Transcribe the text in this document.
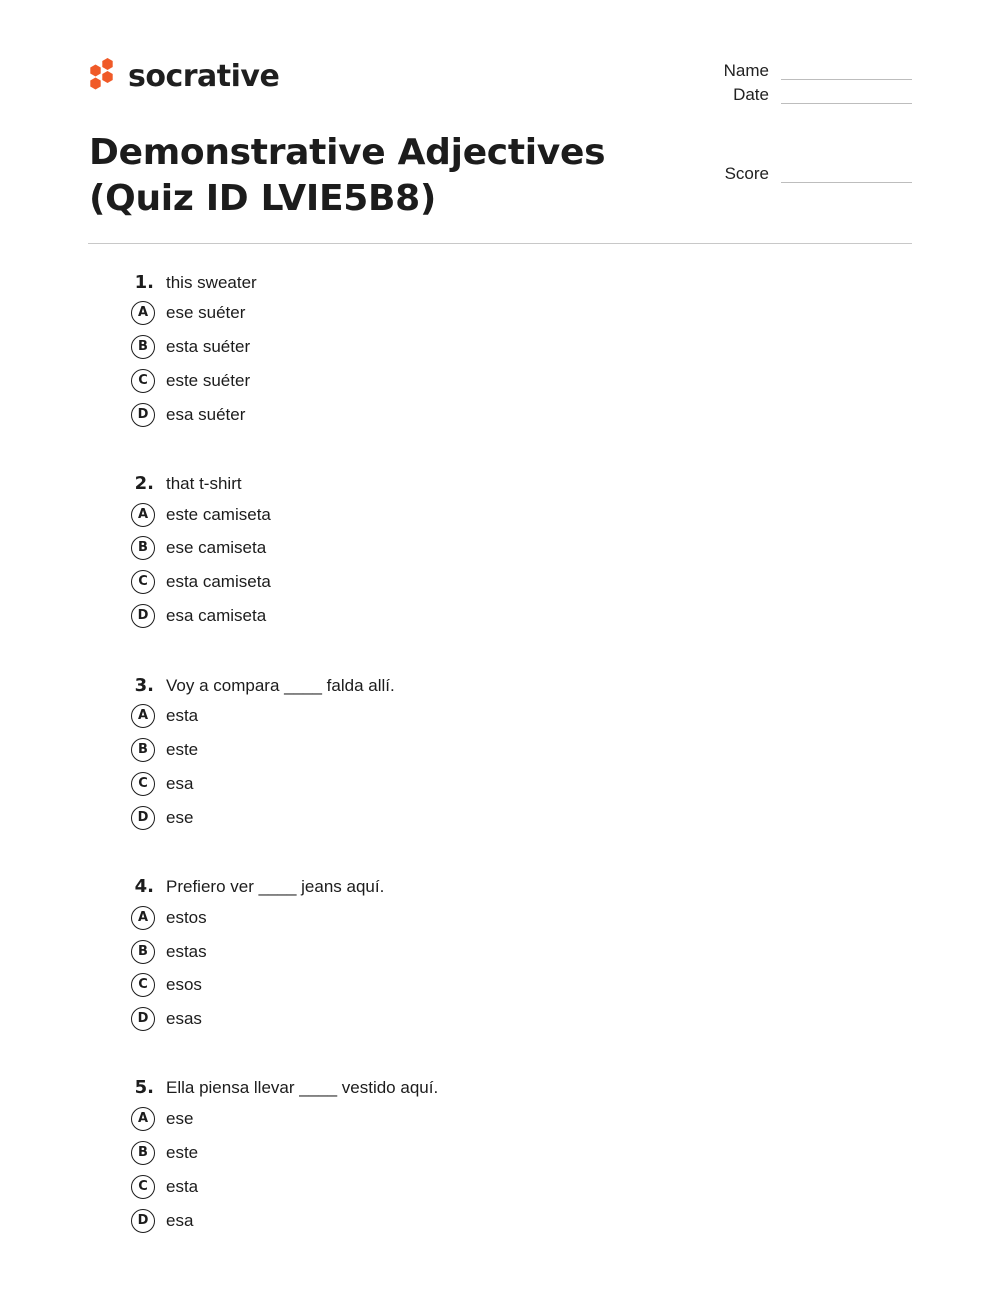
socrative	Name
Date
Score
Demonstrative Adjectives (Quiz ID LVIE5B8)
1. this sweater
A	ese suéter
B	esta suéter
C	este suéter
D	esa suéter
2. that t-shirt
A	este camiseta
B	ese camiseta
C	esta camiseta
D	esa camiseta
3. Voy a compara ____ falda allí.
A	esta
B	este
C	esa
D	ese
4. Prefiero ver ____ jeans aquí.
A	estos
B	estas
C	esos
D	esas
5. Ella piensa llevar ____ vestido aquí.
A	ese
B	este
C	esta
D	esa
